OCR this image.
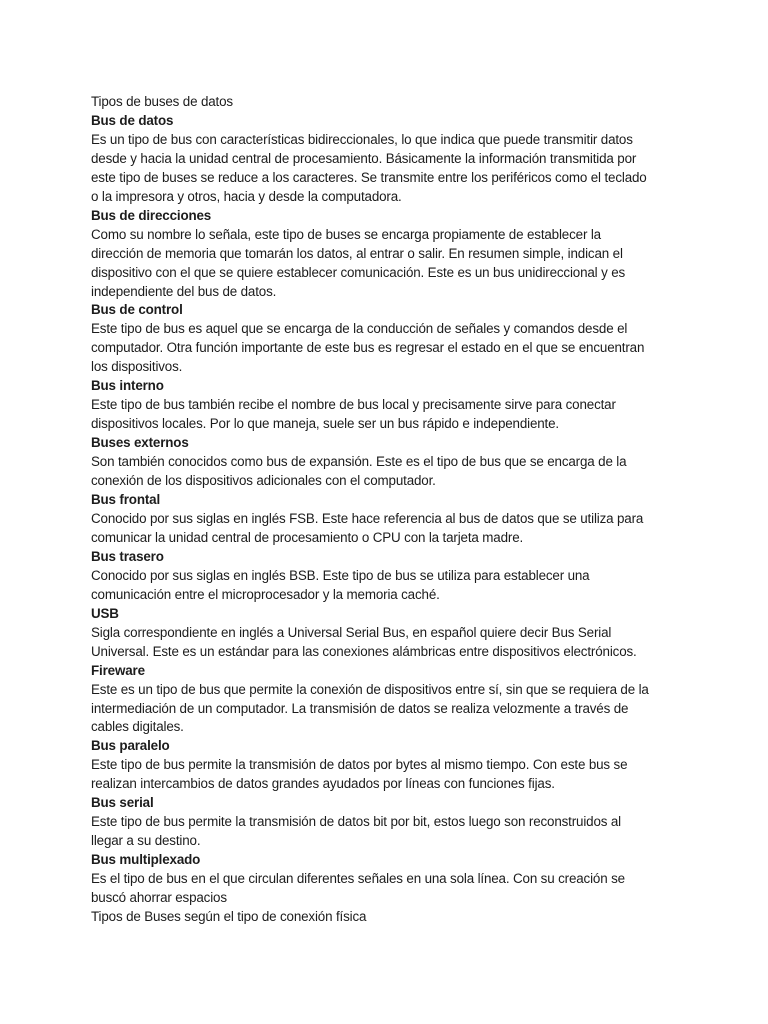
Tipos de buses de datos

Bus de datos

Es un tipo de bus con características bidireccionales, lo que indica que puede transmitir datos
desde y hacia la unidad central de procesamiento. Básicamente la información transmitida por
este tipo de buses se reduce a los caracteres. Se transmite entre los periféricos como el teclado
o la impresora y otros, hacia y desde la computadora.

Bus de direcciones

Como su nombre lo señala, este tipo de buses se encarga propiamente de establecer la
dirección de memoria que tomarán los datos, al entrar o salir. En resumen simple, indican el
dispositivo con el que se quiere establecer comunicación. Este es un bus unidireccional y es
independiente del bus de datos.

Bus de control

Este tipo de bus es aquel que se encarga de la conducción de señales y comandos desde el
computador. Otra función importante de este bus es regresar el estado en el que se encuentran
los dispositivos.

Bus interno

Este tipo de bus también recibe el nombre de bus local y precisamente sirve para conectar
dispositivos locales. Por lo que maneja, suele ser un bus rápido e independiente.

Buses externos

Son también conocidos como bus de expansión. Este es el tipo de bus que se encarga de la
conexión de los dispositivos adicionales con el computador.

Bus frontal

Conocido por sus siglas en inglés FSB. Este hace referencia al bus de datos que se utiliza para
comunicar la unidad central de procesamiento o CPU con la tarjeta madre.

Bus trasero

Conocido por sus siglas en inglés BSB. Este tipo de bus se utiliza para establecer una
comunicación entre el microprocesador y la memoria caché.

USB

Sigla correspondiente en inglés a Universal Serial Bus, en español quiere decir Bus Serial
Universal. Este es un estándar para las conexiones alámbricas entre dispositivos electrónicos.

Fireware

Este es un tipo de bus que permite la conexión de dispositivos entre sí, sin que se requiera de la
intermediación de un computador. La transmisión de datos se realiza velozmente a través de
cables digitales.

Bus paralelo

Este tipo de bus permite la transmisión de datos por bytes al mismo tiempo. Con este bus se
realizan intercambios de datos grandes ayudados por líneas con funciones fijas.

Bus serial

Este tipo de bus permite la transmisión de datos bit por bit, estos luego son reconstruidos al
llegar a su destino.

Bus multiplexado

Es el tipo de bus en el que circulan diferentes señales en una sola línea. Con su creación se
buscó ahorrar espacios

Tipos de Buses según el tipo de conexión física
